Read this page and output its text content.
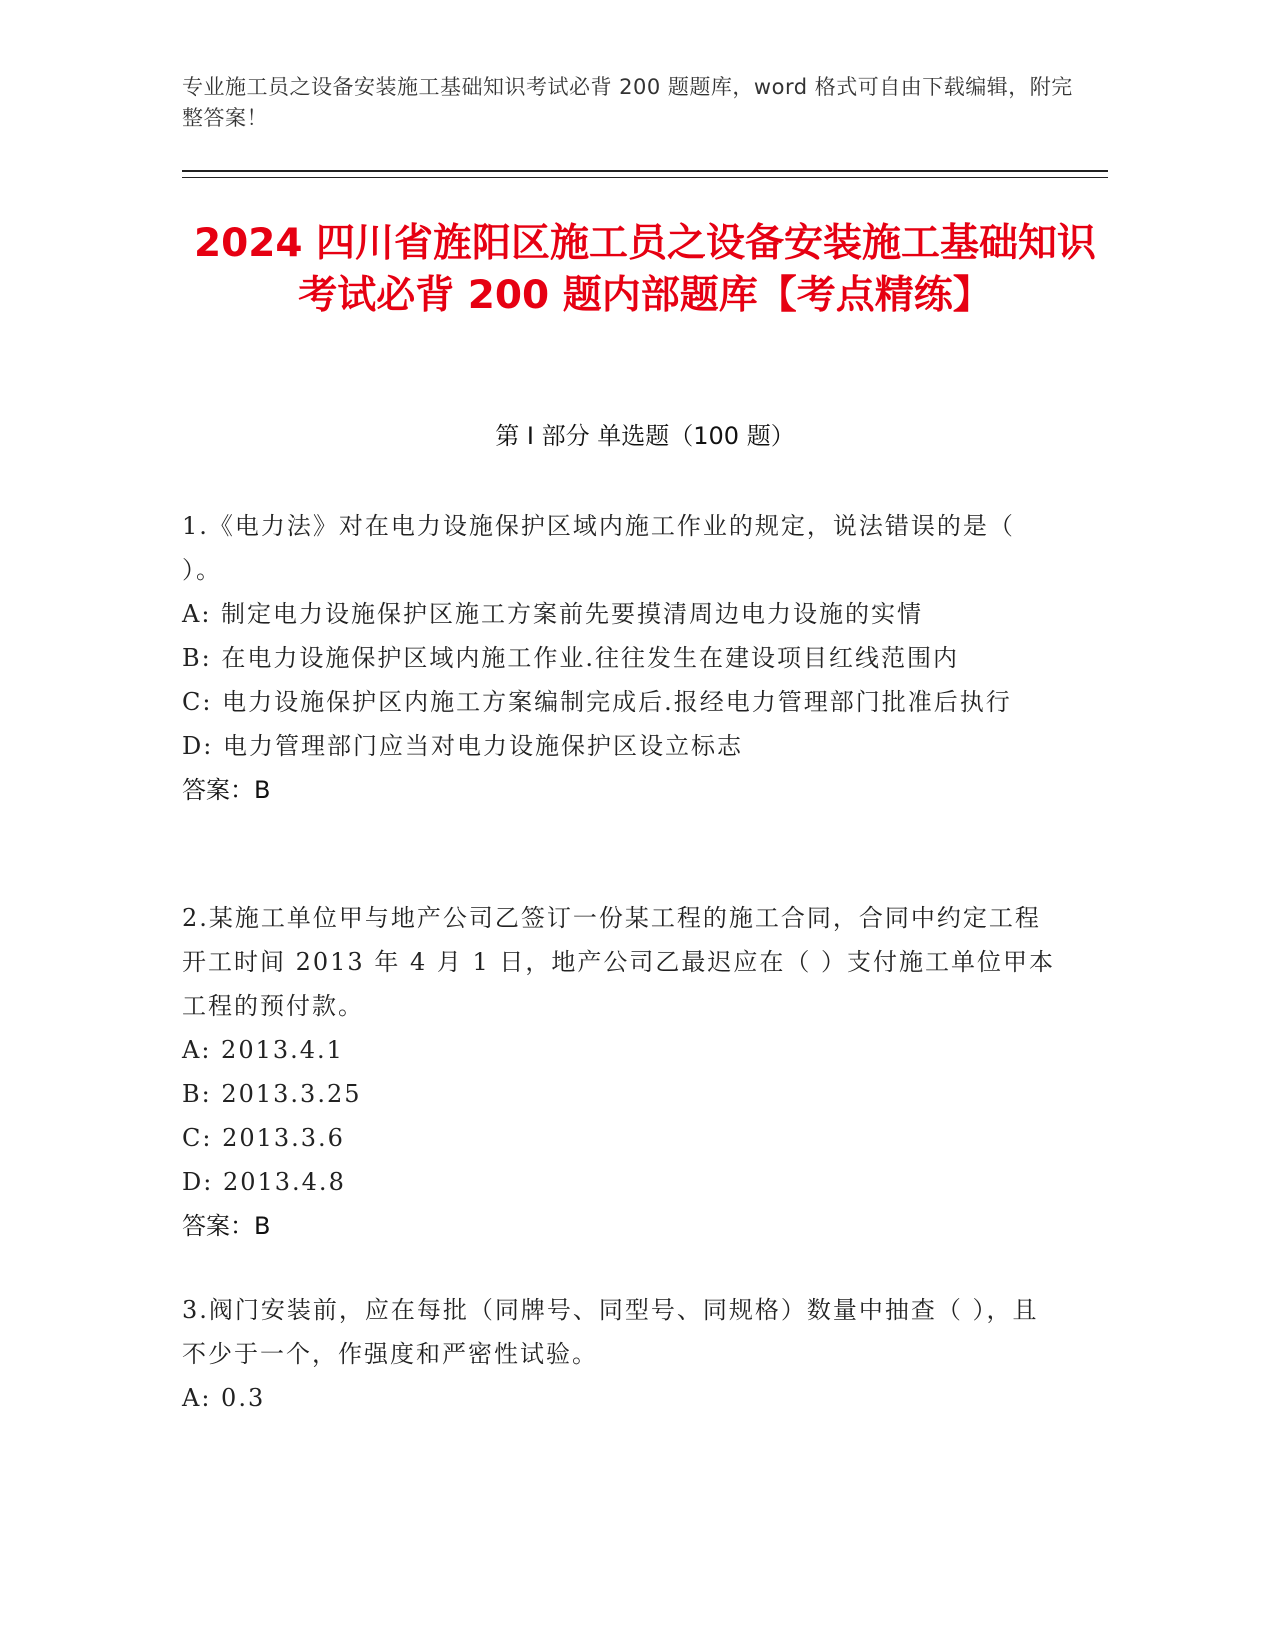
专业施工员之设备安装施工基础知识考试必背 200 题题库，word 格式可自由下载编辑，附完整答案！
2024 四川省旌阳区施工员之设备安装施工基础知识考试必背 200 题内部题库【考点精练】
第 I 部分 单选题（100 题）
1.《电力法》对在电力设施保护区域内施工作业的规定，说法错误的是（ ）。
A: 制定电力设施保护区施工方案前先要摸清周边电力设施的实情
B: 在电力设施保护区域内施工作业.往往发生在建设项目红线范围内
C: 电力设施保护区内施工方案编制完成后.报经电力管理部门批准后执行
D: 电力管理部门应当对电力设施保护区设立标志
答案：B
2.某施工单位甲与地产公司乙签订一份某工程的施工合同，合同中约定工程开工时间 2013 年 4 月 1 日，地产公司乙最迟应在（ ）支付施工单位甲本工程的预付款。
A: 2013.4.1
B: 2013.3.25
C: 2013.3.6
D: 2013.4.8
答案：B
3.阀门安装前，应在每批（同牌号、同型号、同规格）数量中抽查（ ），且不少于一个，作强度和严密性试验。
A: 0.3
